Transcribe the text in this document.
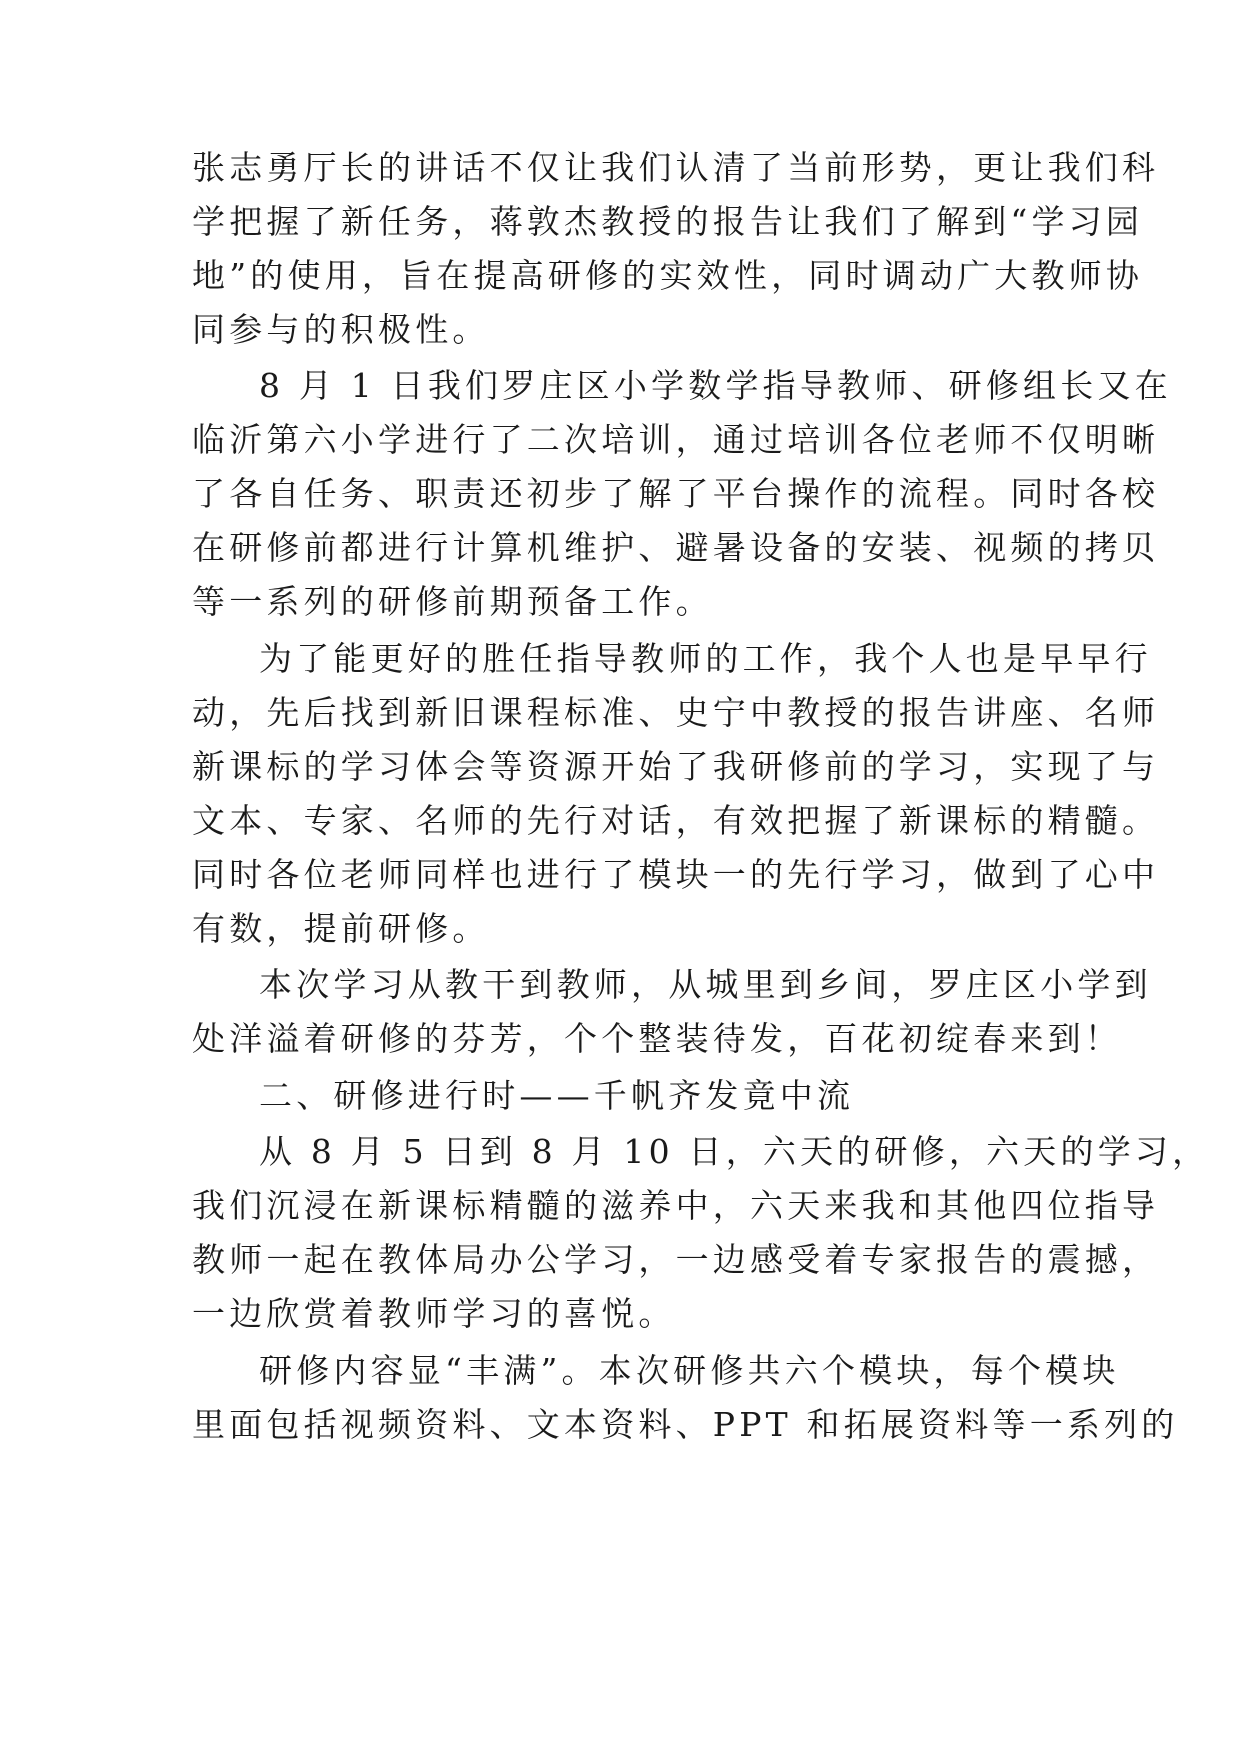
张志勇厅长的讲话不仅让我们认清了当前形势，更让我们科
学把握了新任务，蒋敦杰教授的报告让我们了解到“学习园
地”的使用，旨在提高研修的实效性，同时调动广大教师协
同参与的积极性。
8 月 1 日我们罗庄区小学数学指导教师、研修组长又在
临沂第六小学进行了二次培训，通过培训各位老师不仅明晰
了各自任务、职责还初步了解了平台操作的流程。同时各校
在研修前都进行计算机维护、避暑设备的安装、视频的拷贝
等一系列的研修前期预备工作。
为了能更好的胜任指导教师的工作，我个人也是早早行
动，先后找到新旧课程标准、史宁中教授的报告讲座、名师
新课标的学习体会等资源开始了我研修前的学习，实现了与
文本、专家、名师的先行对话，有效把握了新课标的精髓。
同时各位老师同样也进行了模块一的先行学习，做到了心中
有数，提前研修。
本次学习从教干到教师，从城里到乡间，罗庄区小学到
处洋溢着研修的芬芳，个个整装待发，百花初绽春来到！
二、研修进行时——千帆齐发竟中流
从 8 月 5 日到 8 月 10 日，六天的研修，六天的学习，
我们沉浸在新课标精髓的滋养中，六天来我和其他四位指导
教师一起在教体局办公学习，一边感受着专家报告的震撼，
一边欣赏着教师学习的喜悦。
研修内容显“丰满”。本次研修共六个模块，每个模块
里面包括视频资料、文本资料、PPT 和拓展资料等一系列的
